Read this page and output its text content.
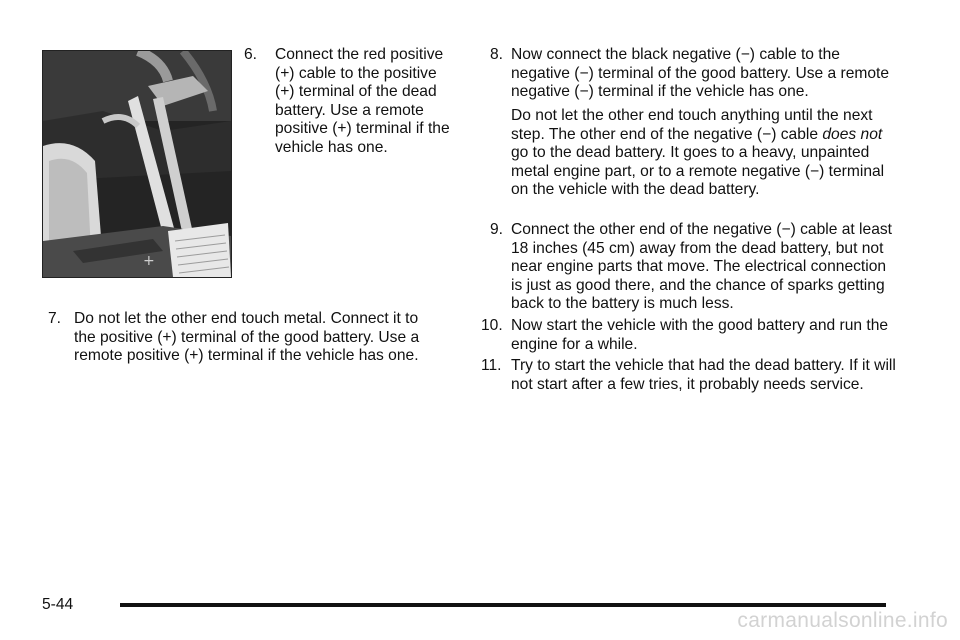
+
6.	Connect the red positive (+) cable to the positive (+) terminal of the dead battery. Use a remote positive (+) terminal if the vehicle has one.
7. Do not let the other end touch metal. Connect it to the positive (+) terminal of the good battery. Use a remote positive (+) terminal if the vehicle has one.
8. Now connect the black negative (−) cable to the negative (−) terminal of the good battery. Use a remote negative (−) terminal if the vehicle has one.

Do not let the other end touch anything until the next step. The other end of the negative (−) cable does not go to the dead battery. It goes to a heavy, unpainted metal engine part, or to a remote negative (−) terminal on the vehicle with the dead battery.

9. Connect the other end of the negative (−) cable at least 18 inches (45 cm) away from the dead battery, but not near engine parts that move. The electrical connection is just as good there, and the chance of sparks getting back to the battery is much less.
10. Now start the vehicle with the good battery and run the engine for a while.
11. Try to start the vehicle that had the dead battery. If it will not start after a few tries, it probably needs service.
5-44
carmanualsonline.info
